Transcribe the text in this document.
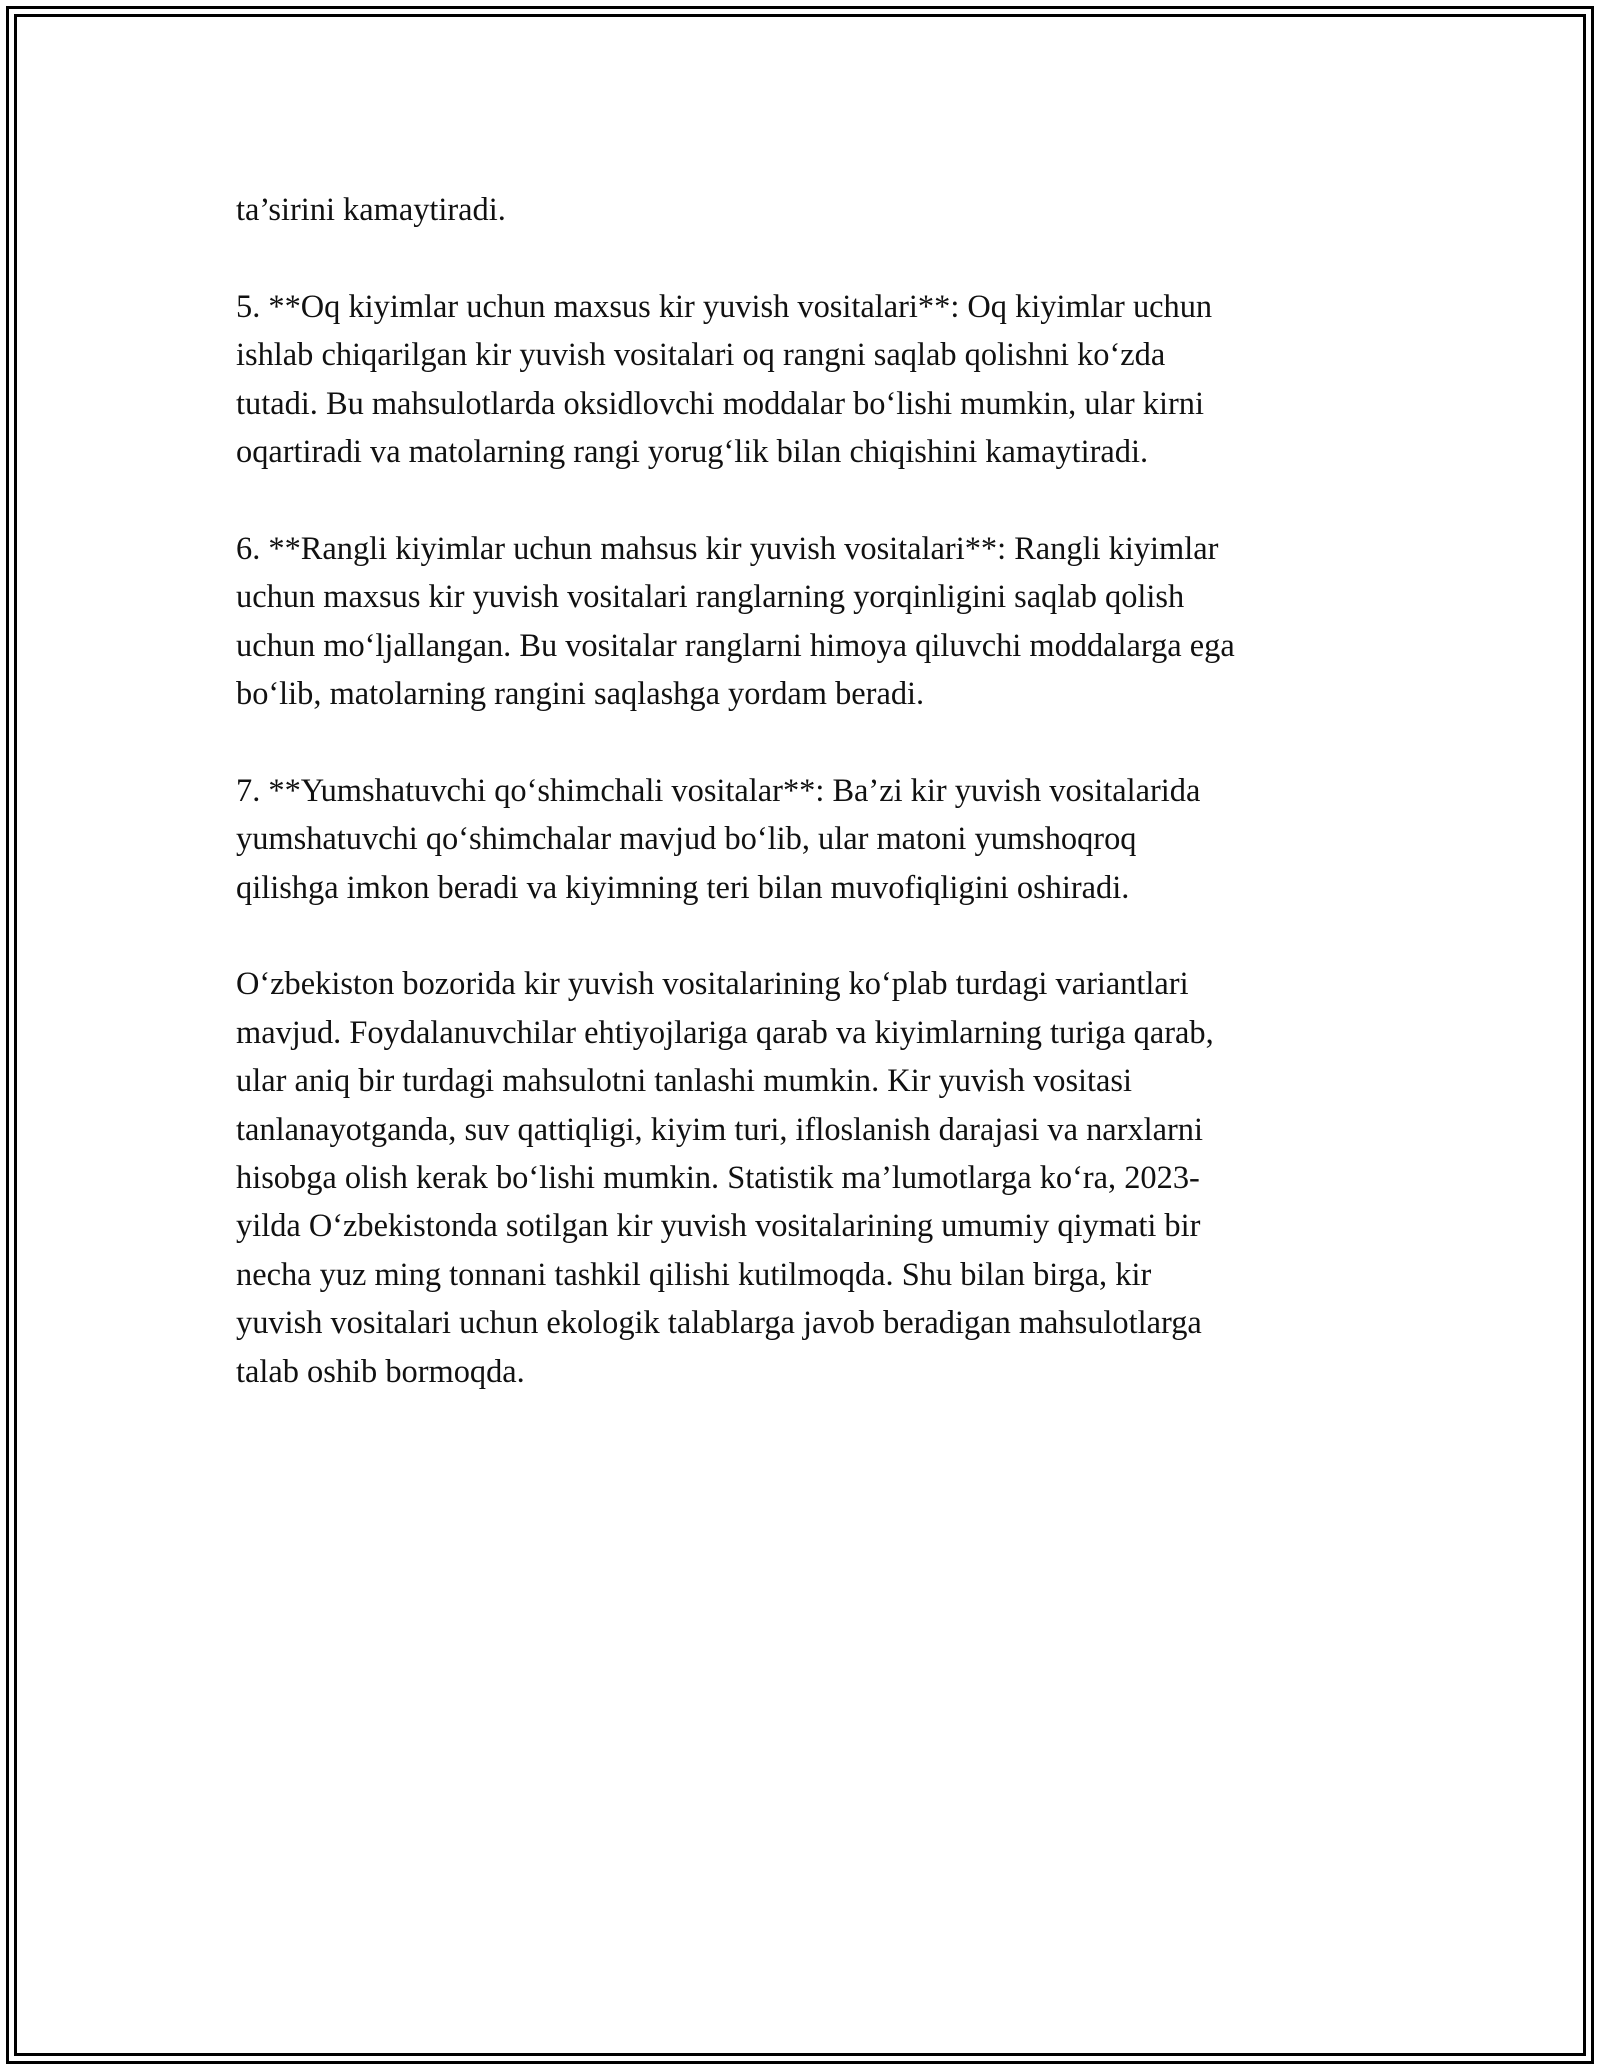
ta’sirini kamaytiradi.

5. **Oq kiyimlar uchun maxsus kir yuvish vositalari**: Oq kiyimlar uchun
ishlab chiqarilgan kir yuvish vositalari oq rangni saqlab qolishni ko‘zda
tutadi. Bu mahsulotlarda oksidlovchi moddalar bo‘lishi mumkin, ular kirni
oqartiradi va matolarning rangi yorug‘lik bilan chiqishini kamaytiradi.

6. **Rangli kiyimlar uchun mahsus kir yuvish vositalari**: Rangli kiyimlar
uchun maxsus kir yuvish vositalari ranglarning yorqinligini saqlab qolish
uchun mo‘ljallangan. Bu vositalar ranglarni himoya qiluvchi moddalarga ega
bo‘lib, matolarning rangini saqlashga yordam beradi.

7. **Yumshatuvchi qo‘shimchali vositalar**: Ba’zi kir yuvish vositalarida
yumshatuvchi qo‘shimchalar mavjud bo‘lib, ular matoni yumshoqroq
qilishga imkon beradi va kiyimning teri bilan muvofiqligini oshiradi.

O‘zbekiston bozorida kir yuvish vositalarining ko‘plab turdagi variantlari
mavjud. Foydalanuvchilar ehtiyojlariga qarab va kiyimlarning turiga qarab,
ular aniq bir turdagi mahsulotni tanlashi mumkin. Kir yuvish vositasi
tanlanayotganda, suv qattiqligi, kiyim turi, ifloslanish darajasi va narxlarni
hisobga olish kerak bo‘lishi mumkin. Statistik ma’lumotlarga ko‘ra, 2023-
yilda O‘zbekistonda sotilgan kir yuvish vositalarining umumiy qiymati bir
necha yuz ming tonnani tashkil qilishi kutilmoqda. Shu bilan birga, kir
yuvish vositalari uchun ekologik talablarga javob beradigan mahsulotlarga
talab oshib bormoqda.
